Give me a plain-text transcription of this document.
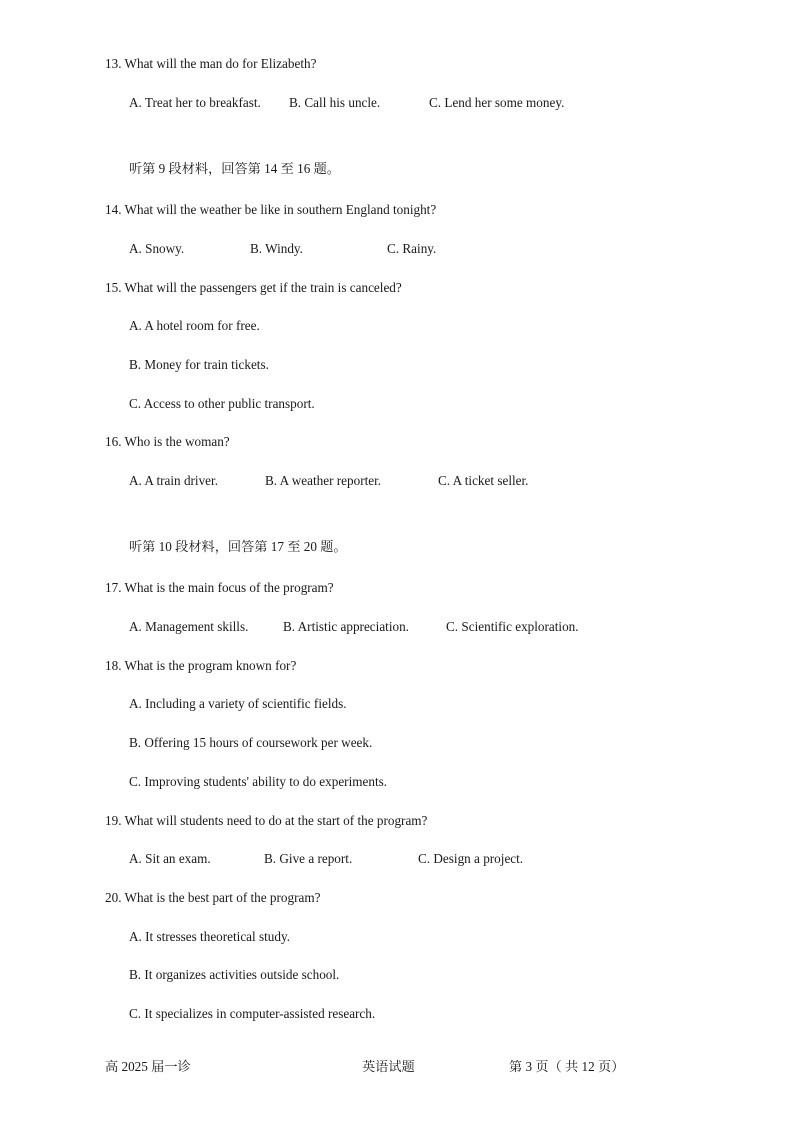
13. What will the man do for Elizabeth?
A. Treat her to breakfast. B. Call his uncle.	C. Lend her some money.
听第 9 段材料，回答第 14 至 16 题。
14. What will the weather be like in southern England tonight?
A. Snowy.	B. Windy.	C. Rainy.
15. What will the passengers get if the train is canceled?
A. A hotel room for free.
B. Money for train tickets.
C. Access to other public transport.
16. Who is the woman?
A. A train driver.	B. A weather reporter.	C. A ticket seller.
听第 10 段材料，回答第 17 至 20 题。
17. What is the main focus of the program?
A. Management skills.	B. Artistic appreciation.	C. Scientific exploration.
18. What is the program known for?
A. Including a variety of scientific fields.
B. Offering 15 hours of coursework per week.
C. Improving students' ability to do experiments.
19. What will students need to do at the start of the program?
A. Sit an exam.	B. Give a report.	C. Design a project.
20. What is the best part of the program?
A. It stresses theoretical study.
B. It organizes activities outside school.
C. It specializes in computer-assisted research.
高 2025 届一诊	英语试题	第 3 页（ 共 12 页）
